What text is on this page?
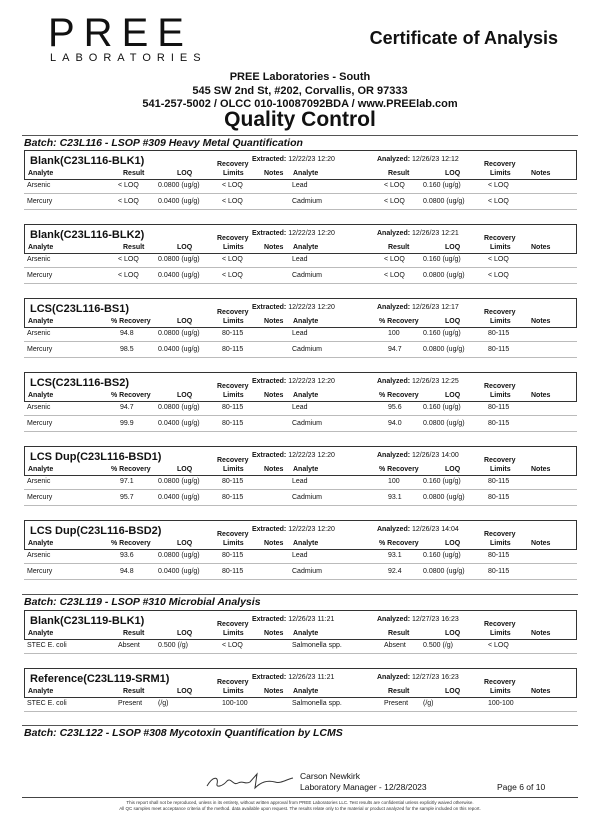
PREE
LABORATORIES
Certificate of Analysis
PREE Laboratories - South
545 SW 2nd St, #202, Corvallis, OR 97333
541-257-5002 / OLCC 010-10087092BDA / www.PREElab.com
Quality Control
Batch: C23L116 - LSOP #309 Heavy Metal Quantification
Batch: C23L119 - LSOP #310 Microbial Analysis
Batch: C23L122 - LSOP #308 Mycotoxin Quantification by LCMS
Blank(C23L116-BLK1)	Extracted: 12/22/23 12:20	Analyzed: 12/26/23 12:12
Analyte	Result	LOQ
Recovery
Limits	Notes Analyte	Result	LOQ
Recovery
Limits	Notes
Arsenic	< LOQ	0.0800 (ug/g)	< LOQ	Lead	< LOQ	0.160 (ug/g)	< LOQ
Mercury	< LOQ	0.0400 (ug/g)	< LOQ	Cadmium	< LOQ	0.0800 (ug/g)	< LOQ
Blank(C23L116-BLK2)	Extracted: 12/22/23 12:20	Analyzed: 12/26/23 12:21
Analyte	Result	LOQ
Recovery
Limits	Notes Analyte	Result	LOQ
Recovery
Limits	Notes
Arsenic	< LOQ	0.0800 (ug/g)	< LOQ	Lead	< LOQ	0.160 (ug/g)	< LOQ
Mercury	< LOQ	0.0400 (ug/g)	< LOQ	Cadmium	< LOQ	0.0800 (ug/g)	< LOQ
LCS(C23L116-BS1)	Extracted: 12/22/23 12:20	Analyzed: 12/26/23 12:17
Analyte	% Recovery	LOQ
Recovery
Limits	Notes Analyte	% Recovery	LOQ
Recovery
Limits	Notes
Arsenic	94.8	0.0800 (ug/g)	80-115	Lead	100	0.160 (ug/g)	80-115
Mercury	98.5	0.0400 (ug/g)	80-115	Cadmium	94.7	0.0800 (ug/g)	80-115
LCS(C23L116-BS2)	Extracted: 12/22/23 12:20	Analyzed: 12/26/23 12:25
Analyte	% Recovery	LOQ
Recovery
Limits	Notes Analyte	% Recovery	LOQ
Recovery
Limits	Notes
Arsenic	94.7	0.0800 (ug/g)	80-115	Lead	95.6	0.160 (ug/g)	80-115
Mercury	99.9	0.0400 (ug/g)	80-115	Cadmium	94.0	0.0800 (ug/g)	80-115
LCS Dup(C23L116-BSD1)	Extracted: 12/22/23 12:20	Analyzed: 12/26/23 14:00
Analyte	% Recovery	LOQ
Recovery
Limits	Notes Analyte	% Recovery	LOQ
Recovery
Limits	Notes
Arsenic	97.1	0.0800 (ug/g)	80-115	Lead	100	0.160 (ug/g)	80-115
Mercury	95.7	0.0400 (ug/g)	80-115	Cadmium	93.1	0.0800 (ug/g)	80-115
LCS Dup(C23L116-BSD2)	Extracted: 12/22/23 12:20	Analyzed: 12/26/23 14:04
Analyte	% Recovery	LOQ
Recovery
Limits	Notes Analyte	% Recovery	LOQ
Recovery
Limits	Notes
Arsenic	93.6	0.0800 (ug/g)	80-115	Lead	93.1	0.160 (ug/g)	80-115
Mercury	94.8	0.0400 (ug/g)	80-115	Cadmium	92.4	0.0800 (ug/g)	80-115
Blank(C23L119-BLK1)	Extracted: 12/26/23 11:21	Analyzed: 12/27/23 16:23
Analyte	Result	LOQ
Recovery
Limits	Notes Analyte	Result	LOQ
Recovery
Limits	Notes
STEC E. coli	Absent	0.500 (/g)	< LOQ	Salmonella spp.	Absent 0.500 (/g)	< LOQ
Reference(C23L119-SRM1)	Extracted: 12/26/23 11:21	Analyzed: 12/27/23 16:23
Analyte	Result	LOQ
Recovery
Limits	Notes Analyte	Result	LOQ
Recovery
Limits	Notes
STEC E. coli	Present (/g)	100-100	Salmonella spp.	Present (/g)	100-100
Carson Newkirk
Laboratory Manager - 12/28/2023	Page 6 of 10
This report shall not be reproduced, unless in its entirety, without written approval from PREE Laboratories LLC. Test results are confidential unless explicitly waived otherwise.
All QC samples meet acceptance criteria of the method. data available upon request. The results relate only to the material or product analyzed for the sample included on this report.
